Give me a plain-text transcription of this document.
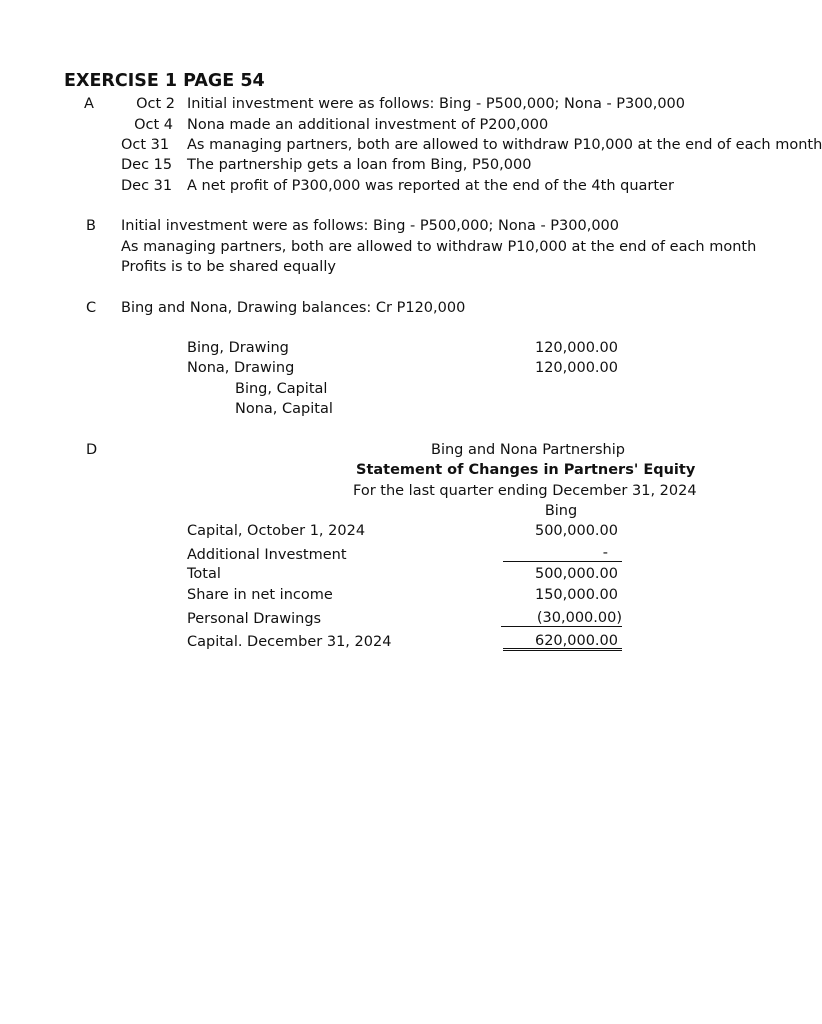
EXERCISE 1 PAGE 54
A	Oct 2 Initial investment were as follows: Bing - P500,000; Nona - P300,000
Oct 4 Nona made an additional investment of P200,000
Oct 31 As managing partners, both are allowed to withdraw P10,000 at the end of each month
Dec 15 The partnership gets a loan from Bing, P50,000
Dec 31 A net profit of P300,000 was reported at the end of the 4th quarter
B Initial investment were as follows: Bing - P500,000; Nona - P300,000
As managing partners, both are allowed to withdraw P10,000 at the end of each month
Profits is to be shared equally
C Bing and Nona, Drawing balances: Cr P120,000
Bing, Drawing	120,000.00
Nona, Drawing	120,000.00
Bing, Capital
Nona, Capital
D	Bing and Nona Partnership
Statement of Changes in Partners' Equity
For the last quarter ending December 31, 2024
Bing
Capital, October 1, 2024	500,000.00
Additional Investment	-
Total	500,000.00
Share in net income	150,000.00
Personal Drawings	(30,000.00)
Capital. December 31, 2024	620,000.00
